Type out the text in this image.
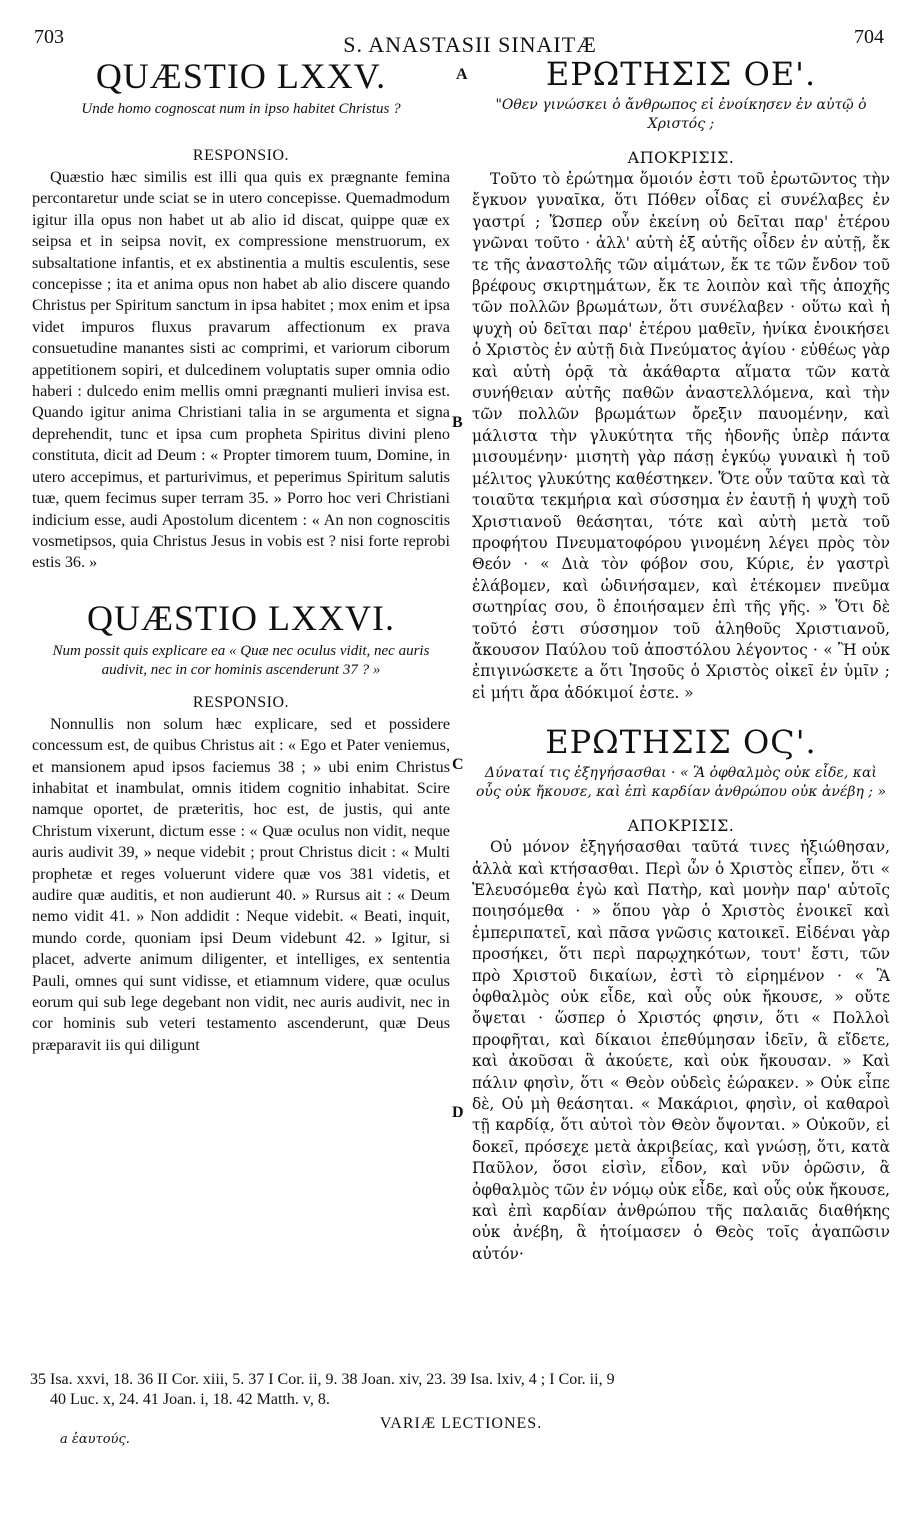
703	704
S. ANASTASII SINAITÆ
A
B
C
D
QUÆSTIO LXXV.
Unde homo cognoscat num in ipso habitet Christus ?
RESPONSIO.
Quæstio hæc similis est illi qua quis ex prægnante femina percontaretur unde sciat se in utero concepisse. Quemadmodum igitur illa opus non habet ut ab alio id discat, quippe quæ ex seipsa et in seipsa novit, ex compressione menstruorum, ex subsaltatione infantis, et ex abstinentia a multis esculentis, sese concepisse ; ita et anima opus non habet ab alio discere quando Christus per Spiritum sanctum in ipsa habitet ; mox enim et ipsa videt impuros fluxus pravarum affectionum ex prava consuetudine manantes sisti ac comprimi, et variorum ciborum appetitionem sopiri, et dulcedinem voluptatis super omnia odio haberi : dulcedo enim mellis omni prægnanti mulieri invisa est. Quando igitur anima Christiani talia in se argumenta et signa deprehendit, tunc et ipsa cum propheta Spiritus divini pleno constituta, dicit ad Deum : « Propter timorem tuum, Domine, in utero accepimus, et parturivimus, et peperimus Spiritum salutis tuæ, quem fecimus super terram 35. » Porro hoc veri Christiani indicium esse, audi Apostolum dicentem : « An non cognoscitis vosmetipsos, quia Christus Jesus in vobis est ? nisi forte reprobi estis 36. »
QUÆSTIO LXXVI.
Num possit quis explicare ea « Quæ nec oculus vidit, nec auris audivit, nec in cor hominis ascenderunt 37 ? »
RESPONSIO.
Nonnullis non solum hæc explicare, sed et possidere concessum est, de quibus Christus ait : « Ego et Pater veniemus, et mansionem apud ipsos faciemus 38 ; » ubi enim Christus inhabitat et inambulat, omnis itidem cognitio inhabitat. Scire namque oportet, de præteritis, hoc est, de justis, qui ante Christum vixerunt, dictum esse : « Quæ oculus non vidit, neque auris audivit 39, » neque videbit ; prout Christus dicit : « Multi prophetæ et reges voluerunt videre quæ vos 381 videtis, et audire quæ auditis, et non audierunt 40. » Rursus ait : « Deum nemo vidit 41. » Non addidit : Neque videbit. « Beati, inquit, mundo corde, quoniam ipsi Deum videbunt 42. » Igitur, si placet, adverte animum diligenter, et intelliges, ex sententia Pauli, omnes qui sunt vidisse, et etiamnum videre, quæ oculus eorum qui sub lege degebant non vidit, nec auris audivit, nec in cor hominis sub veteri testamento ascenderunt, quæ Deus præparavit iis qui diligunt
ΕΡΩΤΗΣΙΣ ΟΕ'.
"Οθεν γινώσκει ὁ ἄνθρωπος εἰ ἐνοίκησεν ἐν αὐτῷ ὁ Χριστός ;
ΑΠΟΚΡΙΣΙΣ.
Τοῦτο τὸ ἐρώτημα ὅμοιόν ἐστι τοῦ ἐρωτῶντος τὴν ἔγκυον γυναῖκα, ὅτι Πόθεν οἶδας εἰ συνέλαβες ἐν γαστρί ; Ὥσπερ οὖν ἐκείνη οὐ δεῖται παρ' ἑτέρου γνῶναι τοῦτο · ἀλλ' αὐτὴ ἐξ αὐτῆς οἶδεν ἐν αὐτῇ, ἔκ τε τῆς ἀναστολῆς τῶν αἱμάτων, ἔκ τε τῶν ἔνδον τοῦ βρέφους σκιρτημάτων, ἔκ τε λοιπὸν καὶ τῆς ἀποχῆς τῶν πολλῶν βρωμάτων, ὅτι συνέλαβεν · οὕτω καὶ ἡ ψυχὴ οὐ δεῖται παρ' ἑτέρου μαθεῖν, ἡνίκα ἐνοικήσει ὁ Χριστὸς ἐν αὐτῇ διὰ Πνεύματος ἁγίου · εὐθέως γὰρ καὶ αὐτὴ ὁρᾷ τὰ ἀκάθαρτα αἵματα τῶν κατὰ συνήθειαν αὐτῆς παθῶν ἀναστελλόμενα, καὶ τὴν τῶν πολλῶν βρωμάτων ὄρεξιν παυομένην, καὶ μάλιστα τὴν γλυκύτητα τῆς ἡδονῆς ὑπὲρ πάντα μισουμένην· μισητὴ γὰρ πάσῃ ἐγκύῳ γυναικὶ ἡ τοῦ μέλιτος γλυκύτης καθέστηκεν. Ὅτε οὖν ταῦτα καὶ τὰ τοιαῦτα τεκμήρια καὶ σύσσημα ἐν ἑαυτῇ ἡ ψυχὴ τοῦ Χριστιανοῦ θεάσηται, τότε καὶ αὐτὴ μετὰ τοῦ προφήτου Πνευματοφόρου γινομένη λέγει πρὸς τὸν Θεόν · « Διὰ τὸν φόβον σου, Κύριε, ἐν γαστρὶ ἐλάβομεν, καὶ ὠδινήσαμεν, καὶ ἐτέκομεν πνεῦμα σωτηρίας σου, ὃ ἐποιήσαμεν ἐπὶ τῆς γῆς. » Ὅτι δὲ τοῦτό ἐστι σύσσημον τοῦ ἀληθοῦς Χριστιανοῦ, ἄκουσον Παύλου τοῦ ἀποστόλου λέγοντος · « Ἢ οὐκ ἐπιγινώσκετε a ὅτι Ἰησοῦς ὁ Χριστὸς οἰκεῖ ἐν ὑμῖν ; εἰ μήτι ἄρα ἀδόκιμοί ἐστε. »
ΕΡΩΤΗΣΙΣ ΟϚ'.
Δύναταί τις ἐξηγήσασθαι · « Ἃ ὀφθαλμὸς οὐκ εἶδε, καὶ οὖς οὐκ ἤκουσε, καὶ ἐπὶ καρδίαν ἀνθρώπου οὐκ ἀνέβη ; »
ΑΠΟΚΡΙΣΙΣ.
Οὐ μόνον ἐξηγήσασθαι ταῦτά τινες ἠξιώθησαν, ἀλλὰ καὶ κτήσασθαι. Περὶ ὧν ὁ Χριστὸς εἶπεν, ὅτι « Ἐλευσόμεθα ἐγὼ καὶ Πατὴρ, καὶ μονὴν παρ' αὐτοῖς ποιησόμεθα · » ὅπου γὰρ ὁ Χριστὸς ἐνοικεῖ καὶ ἐμπεριπατεῖ, καὶ πᾶσα γνῶσις κατοικεῖ. Εἰδέναι γὰρ προσήκει, ὅτι περὶ παρῳχηκότων, τουτ' ἔστι, τῶν πρὸ Χριστοῦ δικαίων, ἐστὶ τὸ εἰρημένον · « Ἃ ὀφθαλμὸς οὐκ εἶδε, καὶ οὖς οὐκ ἤκουσε, » οὔτε ὄψεται · ὥσπερ ὁ Χριστός φησιν, ὅτι « Πολλοὶ προφῆται, καὶ δίκαιοι ἐπεθύμησαν ἰδεῖν, ἃ εἴδετε, καὶ ἀκοῦσαι ἃ ἀκούετε, καὶ οὐκ ἤκουσαν. » Καὶ πάλιν φησὶν, ὅτι « Θεὸν οὐδεὶς ἑώρακεν. » Οὐκ εἶπε δὲ, Οὐ μὴ θεάσηται. « Μακάριοι, φησὶν, οἱ καθαροὶ τῇ καρδίᾳ, ὅτι αὐτοὶ τὸν Θεὸν ὄψονται. » Οὐκοῦν, εἰ δοκεῖ, πρόσεχε μετὰ ἀκριβείας, καὶ γνώσῃ, ὅτι, κατὰ Παῦλον, ὅσοι εἰσὶν, εἶδον, καὶ νῦν ὁρῶσιν, ἃ ὀφθαλμὸς τῶν ἐν νόμῳ οὐκ εἶδε, καὶ οὖς οὐκ ἤκουσε, καὶ ἐπὶ καρδίαν ἀνθρώπου τῆς παλαιᾶς διαθήκης οὐκ ἀνέβη, ἃ ἡτοίμασεν ὁ Θεὸς τοῖς ἀγαπῶσιν αὐτόν·
35 Isa. xxvi, 18. 36 II Cor. xiii, 5. 37 I Cor. ii, 9. 38 Joan. xiv, 23. 39 Isa. lxiv, 4 ; I Cor. ii, 9
40 Luc. x, 24. 41 Joan. i, 18. 42 Matth. v, 8.
VARIÆ LECTIONES.
a ἑαυτούς.
